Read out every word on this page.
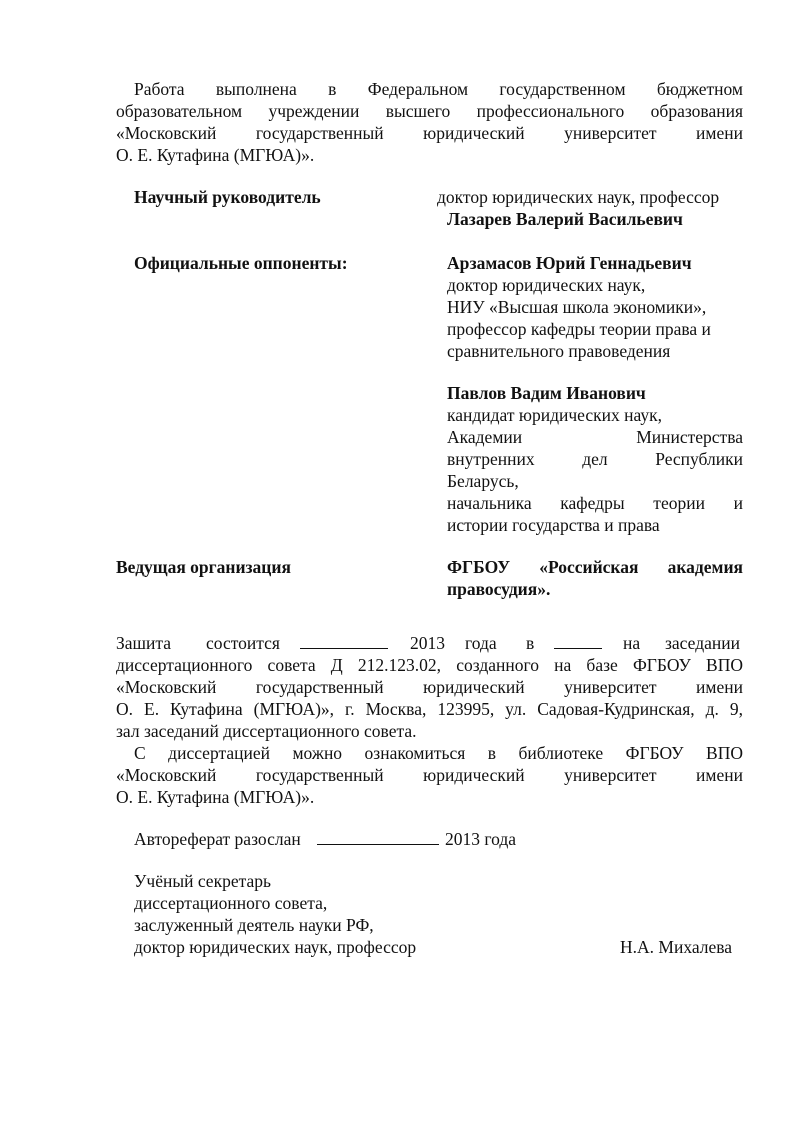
Работа выполнена в Федеральном государственном бюджетном
образовательном учреждении высшего профессионального образования
«Московский государственный юридический университет имени
О. Е. Кутафина (МГЮА)».
Научный руководитель	доктор юридических наук, профессор
Лазарев Валерий Васильевич
Официальные оппоненты:	Арзамасов Юрий Геннадьевич
доктор юридических наук,
НИУ «Высшая школа экономики»,
профессор кафедры теории права и
сравнительного правоведения
Павлов Вадим Иванович
кандидат юридических наук,
Академии Министерства
внутренних дел Республики
Беларусь,
начальника кафедры теории и
истории государства и права
Ведущая организация	ФГБОУ «Российская академия
правосудия».
Зашита состоится	2013 года в	на заседании
диссертационного совета Д 212.123.02, созданного на базе ФГБОУ ВПО
«Московский государственный юридический университет имени
О. Е. Кутафина (МГЮА)», г. Москва, 123995, ул. Садовая-Кудринская, д. 9,
зал заседаний диссертационного совета.
С диссертацией можно ознакомиться в библиотеке ФГБОУ ВПО
«Московский государственный юридический университет имени
О. Е. Кутафина (МГЮА)».
Автореферат разослан	2013 года
Учёный секретарь
диссертационного совета,
заслуженный деятель науки РФ,
доктор юридических наук, профессор	Н.А. Михалева
